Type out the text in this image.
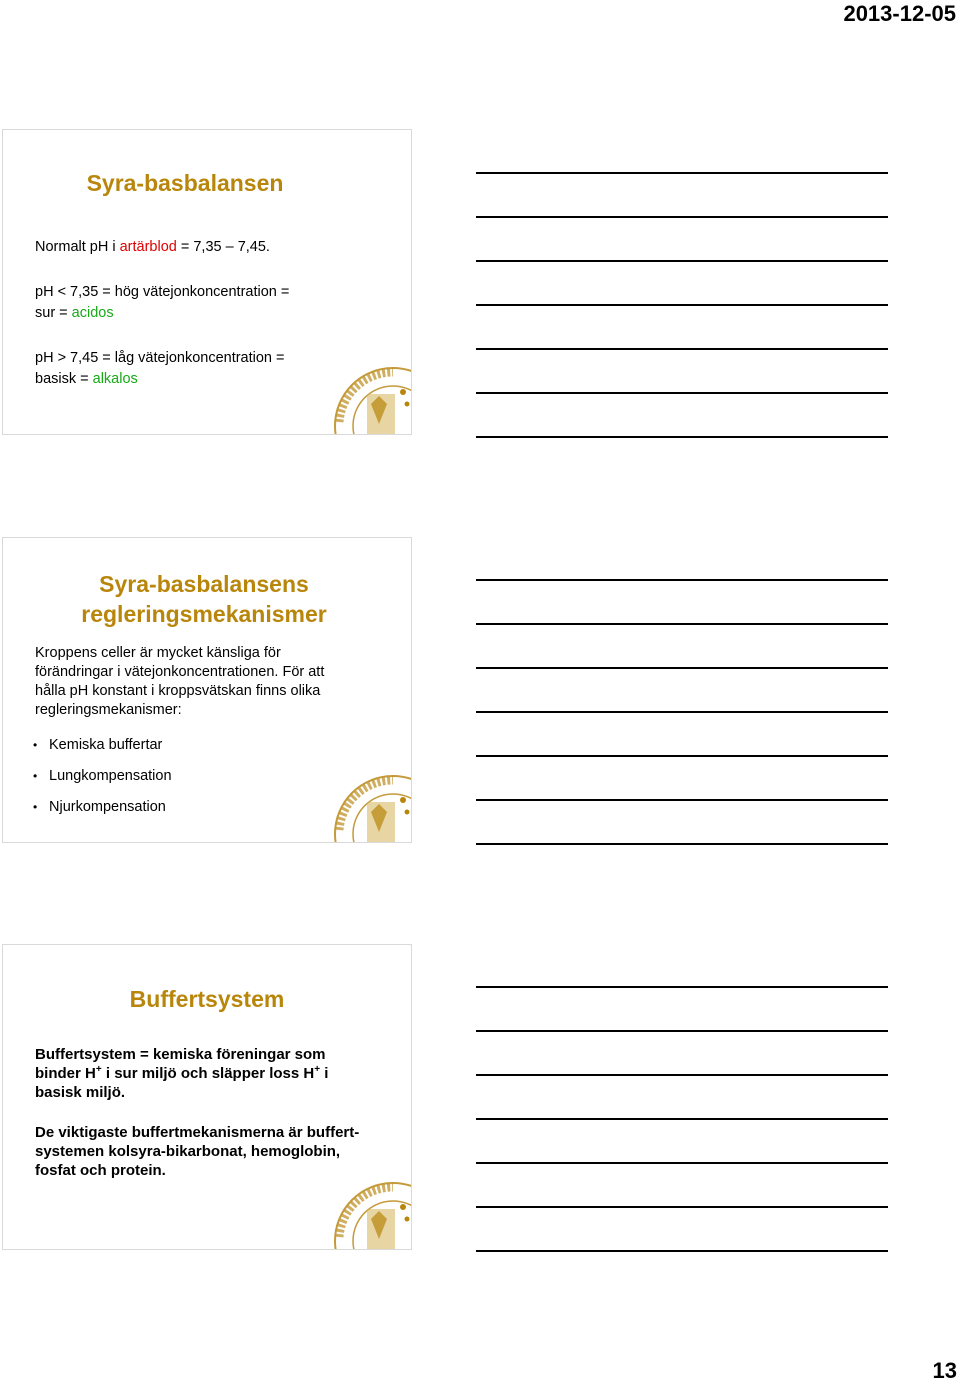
2013-12-05
Syra-basbalansen

Normalt pH i artärblod = 7,35 – 7,45.

pH < 7,35 = hög vätejonkoncentration =

sur = acidos

pH > 7,45 = låg vätejonkoncentration =

basisk = alkalos

Syra-basbalansens
regleringsmekanismer
Kroppens celler är mycket känsliga för
förändringar i vätejonkoncentrationen. För att
hålla pH konstant i kroppsvätskan finns olika
regleringsmekanismer:
• Kemiska buffertar
• Lungkompensation
• Njurkompensation
Buffertsystem
Buffertsystem = kemiska föreningar som
binder H+ i sur miljö och släpper loss H+ i
basisk miljö.
De viktigaste buffertmekanismerna är buffert-
systemen kolsyra-bikarbonat, hemoglobin,
fosfat och protein.
13
